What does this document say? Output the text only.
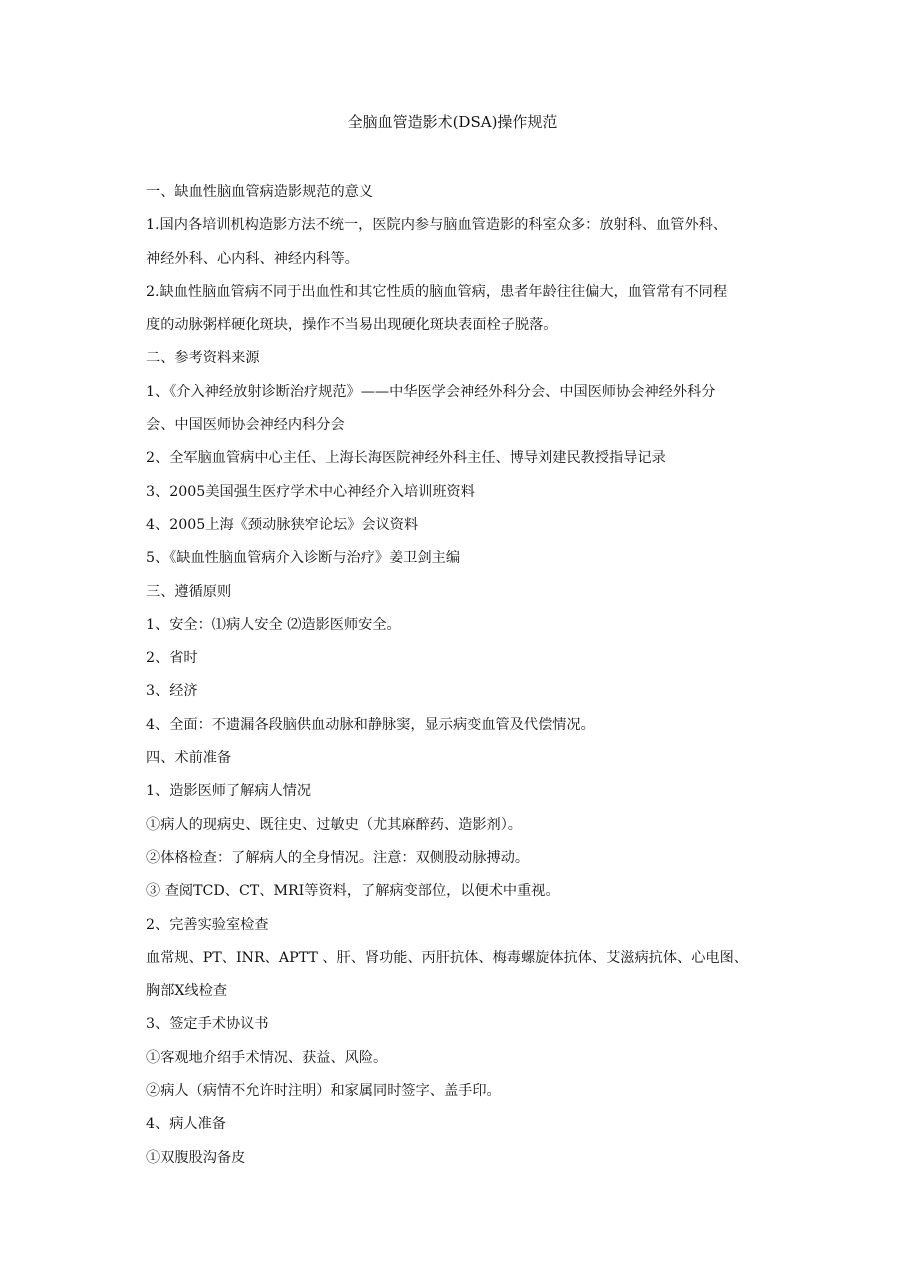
全脑血管造影术(DSA)操作规范
一、缺血性脑血管病造影规范的意义
1.国内各培训机构造影方法不统一，医院内参与脑血管造影的科室众多：放射科、血管外科、
神经外科、心内科、神经内科等。
2.缺血性脑血管病不同于出血性和其它性质的脑血管病，患者年龄往往偏大，血管常有不同程
度的动脉粥样硬化斑块，操作不当易出现硬化斑块表面栓子脱落。
二、参考资料来源
1、《介入神经放射诊断治疗规范》——中华医学会神经外科分会、中国医师协会神经外科分
会、中国医师协会神经内科分会
2、全军脑血管病中心主任、上海长海医院神经外科主任、博导刘建民教授指导记录
3、2005美国强生医疗学术中心神经介入培训班资料
4、2005上海《颈动脉狭窄论坛》会议资料
5、《缺血性脑血管病介入诊断与治疗》姜卫剑主编
三、遵循原则
1、安全：⑴病人安全 ⑵造影医师安全。
2、省时
3、经济
4、全面：不遗漏各段脑供血动脉和静脉窦，显示病变血管及代偿情况。
四、术前准备
1、造影医师了解病人情况
①病人的现病史、既往史、过敏史（尤其麻醉药、造影剂）。
②体格检查：了解病人的全身情况。注意：双侧股动脉搏动。
③ 查阅TCD、CT、MRI等资料，了解病变部位，以便术中重视。
2、完善实验室检查
血常规、PT、INR、APTT 、肝、肾功能、丙肝抗体、梅毒螺旋体抗体、艾滋病抗体、心电图、
胸部X线检查
3、签定手术协议书
①客观地介绍手术情况、获益、风险。
②病人（病情不允许时注明）和家属同时签字、盖手印。
4、病人准备
①双腹股沟备皮
